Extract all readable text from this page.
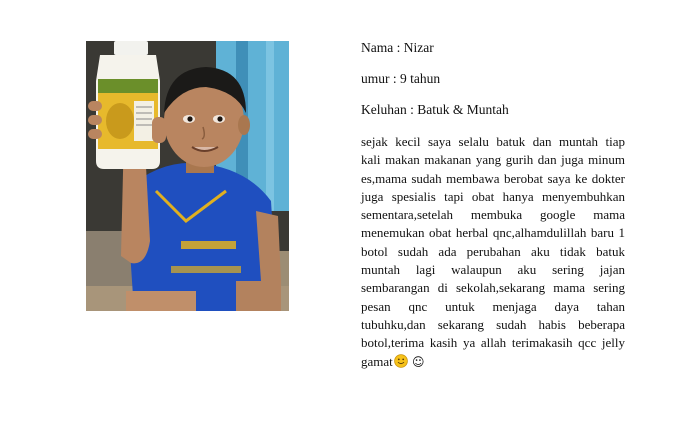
Nama : Nizar
umur : 9 tahun
Keluhan : Batuk & Muntah

sejak kecil saya selalu batuk dan muntah tiap kali makan makanan yang gurih dan juga minum es,mama sudah membawa berobat saya ke dokter juga spesialis tapi obat hanya menyembuhkan sementara,setelah membuka google mama menemukan obat herbal qnc,alhamdulillah baru 1 botol sudah ada perubahan aku tidak batuk muntah lagi walaupun aku sering jajan sembarangan di sekolah,sekarang mama sering pesan qnc untuk menjaga daya tahan tubuhku,dan sekarang sudah habis beberapa botol,terima kasih ya allah terimakasih qcc jelly gamat ☺
